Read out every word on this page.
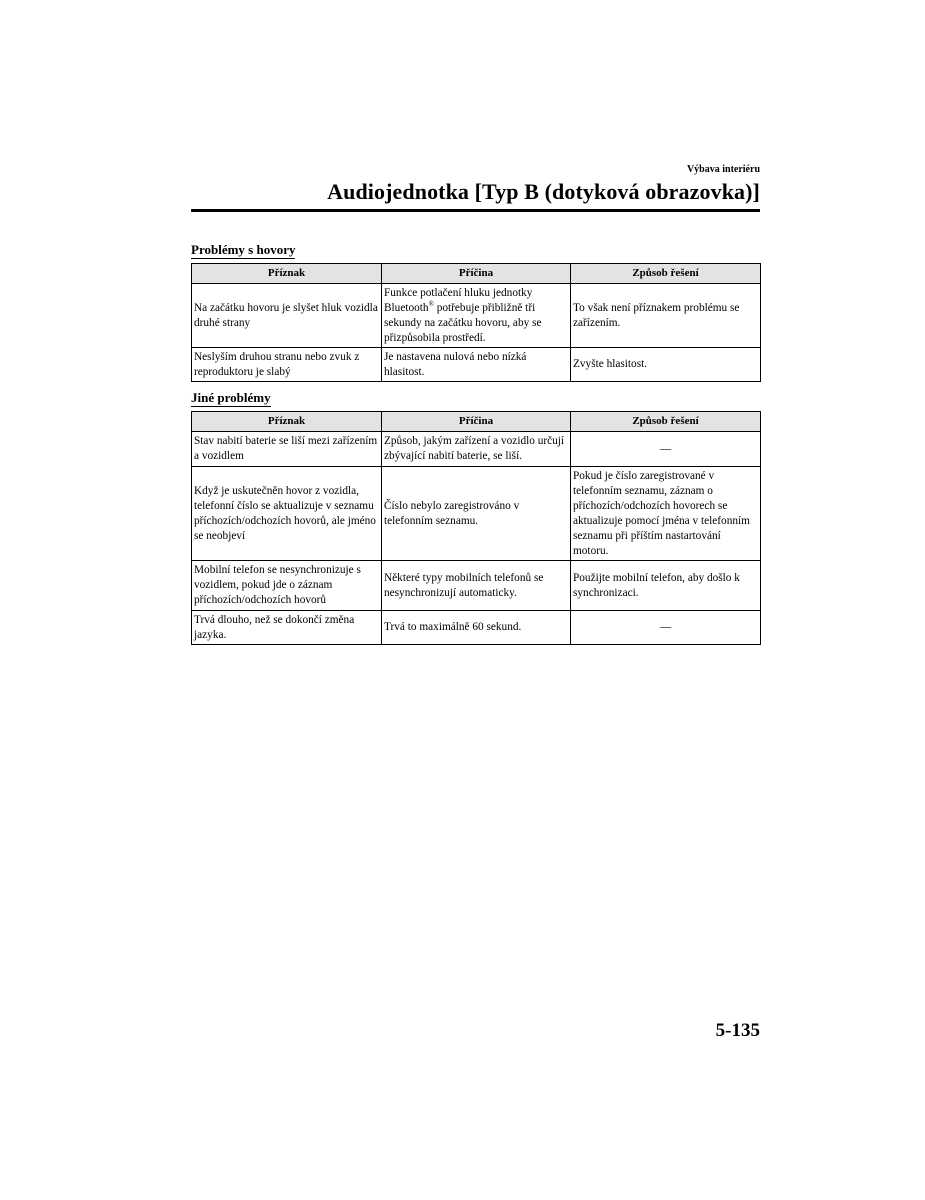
Výbava interiéru
Audiojednotka [Typ B (dotyková obrazovka)]
Problémy s hovory
Příznak	Příčina	Způsob řešení
Na začátku hovoru je slyšet hluk vozidla druhé strany	Funkce potlačení hluku jednotky Bluetooth® potřebuje přibližně tři sekundy na začátku hovoru, aby se přizpůsobila prostředí.	To však není příznakem problému se zařízením.
Neslyším druhou stranu nebo zvuk z reproduktoru je slabý	Je nastavena nulová nebo nízká hlasitost.	Zvyšte hlasitost.
Jiné problémy
Příznak	Příčina	Způsob řešení
Stav nabití baterie se liší mezi zařízením a vozidlem	Způsob, jakým zařízení a vozidlo určují zbývající nabití baterie, se liší.	—
Když je uskutečněn hovor z vozidla, telefonní číslo se aktualizuje v seznamu příchozích/odchozích hovorů, ale jméno se neobjeví	Číslo nebylo zaregistrováno v telefonním seznamu.	Pokud je číslo zaregistrované v telefonním seznamu, záznam o příchozích/odchozích hovorech se aktualizuje pomocí jména v telefonním seznamu při příštím nastartování motoru.
Mobilní telefon se nesynchronizuje s vozidlem, pokud jde o záznam příchozích/odchozích hovorů	Některé typy mobilních telefonů se nesynchronizují automaticky.	Použijte mobilní telefon, aby došlo k synchronizaci.
Trvá dlouho, než se dokončí změna jazyka.	Trvá to maximálně 60 sekund.	—
5-135
